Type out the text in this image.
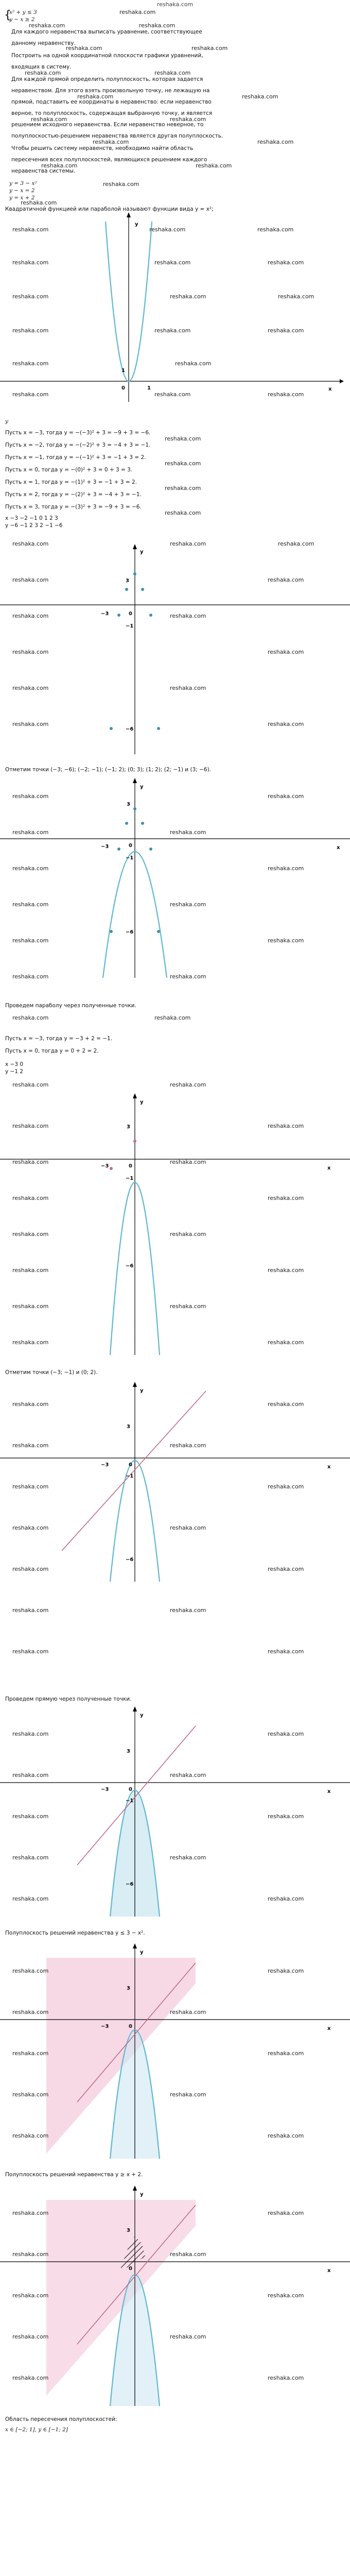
reshaka.com
x² + y ≤ 3
y − x ≥ 2
{
Для каждого неравенства выписать уравнение, соответствующее
данному неравенству.
Построить на одной координатной плоскости графики уравнений,
входящих в систему.
Для каждой прямой определить полуплоскость, которая задается
неравенством. Для этого взять произвольную точку, не лежащую на
прямой, подставить ее координаты в неравенство: если неравенство
верное, то полуплоскость, содержащая выбранную точку, и является
решением исходного неравенства. Если неравенство неверное, то
полуплоскостью-решением неравенства является другая полуплоскость.
Чтобы решить систему неравенств, необходимо найти область
пересечения всех полуплоскостей, являющихся решением каждого
неравенства системы.
y = 3 − x²
y − x = 2
y = x + 2
Квадратичной функцией или параболой называют функции вида y = x²;
1
0	1	x
y
y
Пусть x = −3, тогда y = −(−3)² + 3 = −9 + 3 = −6.
Пусть x = −2, тогда y = −(−2)² + 3 = −4 + 3 = −1.
Пусть x = −1, тогда y = −(−1)² + 3 = −1 + 3 = 2.
Пусть x = 0, тогда y = −(0)² + 3 = 0 + 3 = 3.
Пусть x = 1, тогда y = −(1)² + 3 = −1 + 3 = 2.
Пусть x = 2, тогда y = −(2)² + 3 = −4 + 3 = −1.
Пусть x = 3, тогда y = −(3)² + 3 = −9 + 3 = −6.
x −3 −2 −1 0 1 2 3
y −6 −1 2 3 2 −1 −6
3
0
−3
−1
−6
y
Отметим точки (−3; −6); (−2; −1); (−1; 2); (0; 3); (1; 2); (2; −1) и (3; −6).
3
0
−3
−1
−6
x
y
Проведем параболу через полученные точки.
Пусть x = −3, тогда y = −3 + 2 = −1.
Пусть x = 0, тогда y = 0 + 2 = 2.
x −3 0
y −1 2
3
0
−3
−1
−6
x
y
Отметим точки (−3; −1) и (0; 2).
3
0
−3
−1
−6
x
y
Проведем прямую через полученные точки.
3
0
−3
−1
−6
x
y
Полуплоскость решений неравенства y ≤ 3 − x².
3
0
−3	x
y
Полуплоскость решений неравенства y ≥ x + 2.
3
0	x
y
Область пересечения полуплоскостей:
x ∈ [−2; 1], y ∈ [−1; 2]
reshaka.com
reshaka.com	reshaka.com
reshaka.com	reshaka.com
reshaka.com	reshaka.com
reshaka.com	reshaka.com
reshaka.com	reshaka.com
reshaka.com	reshaka.com
reshaka.com	reshaka.com
reshaka.com
reshaka.com
reshaka.com	reshaka.com	reshaka.com
reshaka.com	reshaka.com	reshaka.com
reshaka.com	reshaka.com	reshaka.com
reshaka.com	reshaka.com	reshaka.com
reshaka.com	reshaka.com
reshaka.com	reshaka.com	reshaka.com
reshaka.com
reshaka.com
reshaka.com
reshaka.com
reshaka.com	reshaka.com	reshaka.com
reshaka.com	reshaka.com
reshaka.com	reshaka.com
reshaka.com	reshaka.com
reshaka.com	reshaka.com
reshaka.com	reshaka.com
reshaka.com	reshaka.com
reshaka.com	reshaka.com
reshaka.com	reshaka.com
reshaka.com	reshaka.com
reshaka.com	reshaka.com
reshaka.com	reshaka.com
reshaka.com	reshaka.com
reshaka.com	reshaka.com
reshaka.com	reshaka.com
reshaka.com	reshaka.com
reshaka.com	reshaka.com
reshaka.com	reshaka.com
reshaka.com	reshaka.com
reshaka.com	reshaka.com
reshaka.com	reshaka.com
reshaka.com	reshaka.com
reshaka.com	reshaka.com
reshaka.com	reshaka.com
reshaka.com	reshaka.com
reshaka.com	reshaka.com
reshaka.com	reshaka.com
reshaka.com	reshaka.com
reshaka.com	reshaka.com
reshaka.com	reshaka.com
reshaka.com	reshaka.com
reshaka.com	reshaka.com
reshaka.com	reshaka.com
reshaka.com	reshaka.com
reshaka.com	reshaka.com
reshaka.com	reshaka.com
reshaka.com	reshaka.com
reshaka.com	reshaka.com
reshaka.com	reshaka.com
reshaka.com	reshaka.com
reshaka.com	reshaka.com
reshaka.com	reshaka.com
reshaka.com	reshaka.com
